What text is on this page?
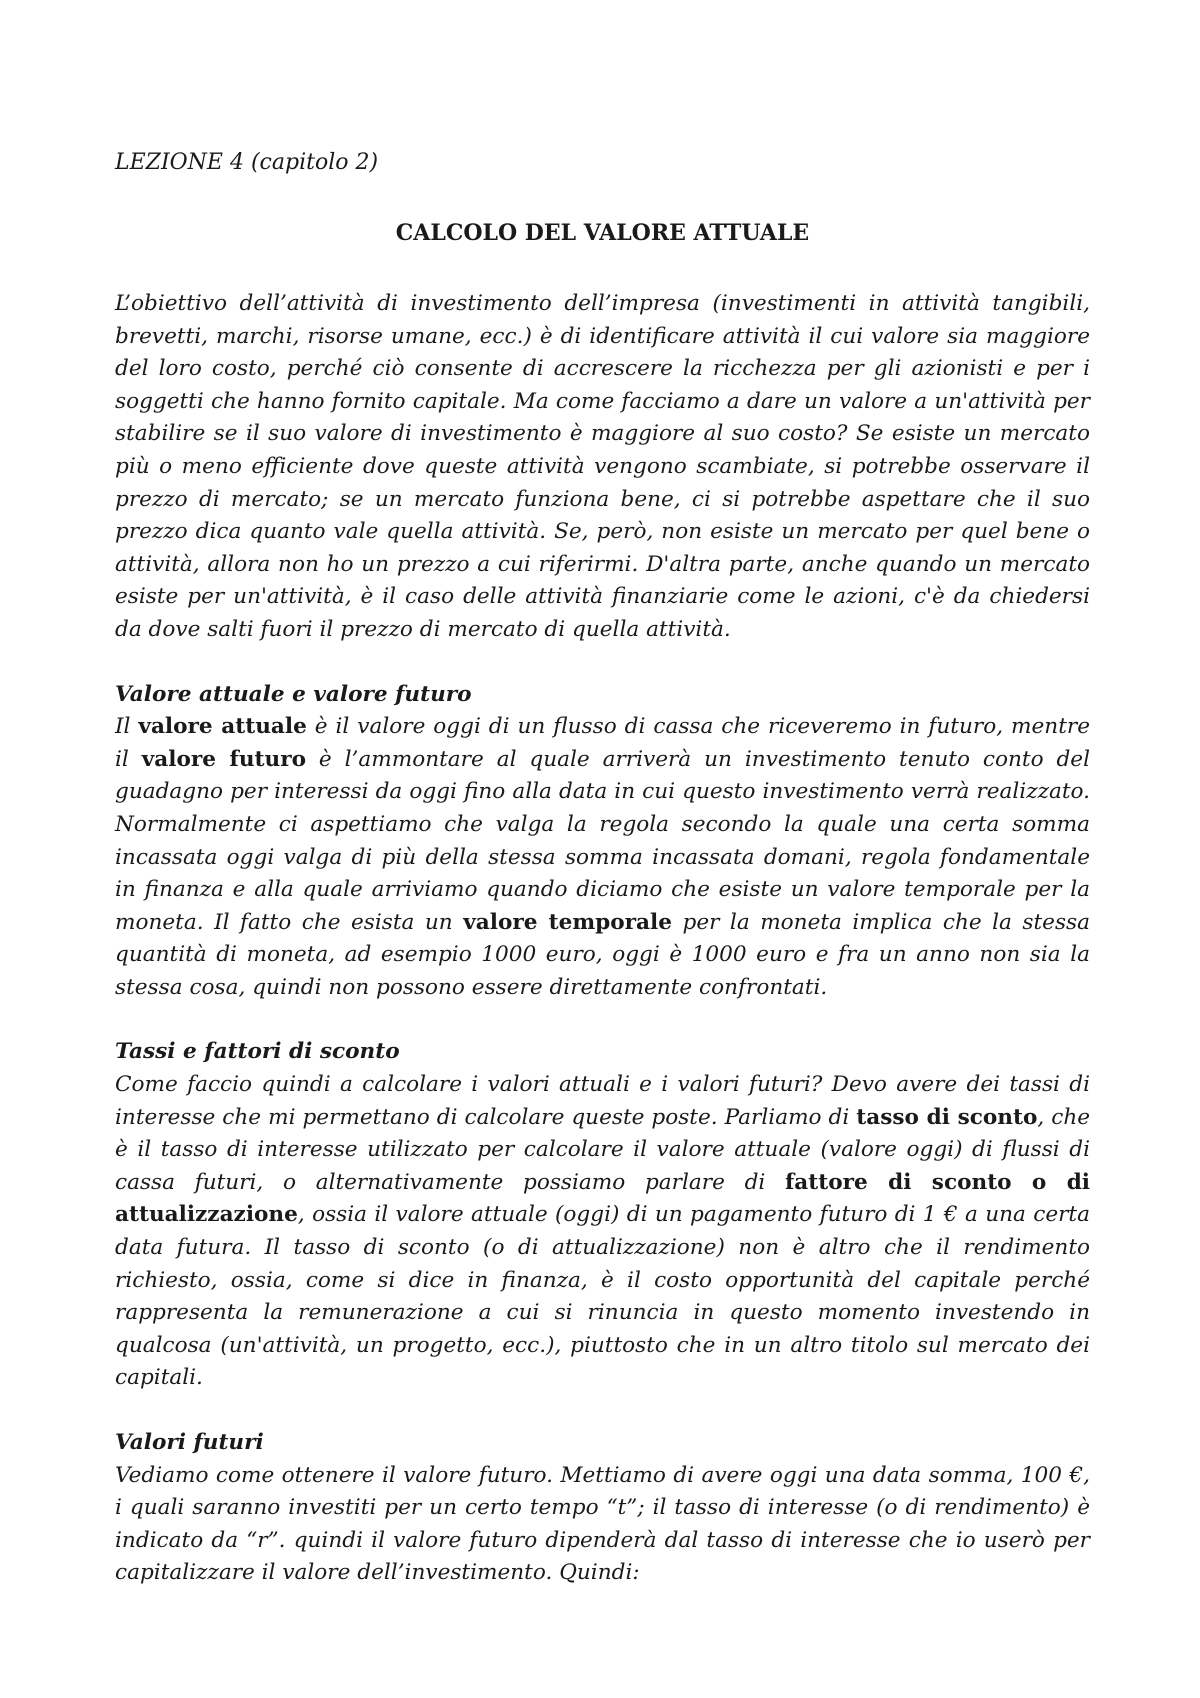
LEZIONE 4 (capitolo 2)

CALCOLO DEL VALORE ATTUALE

L’obiettivo dell’attività di investimento dell’impresa (investimenti in attività tangibili, brevetti, marchi, risorse umane, ecc.) è di identificare attività il cui valore sia maggiore del loro costo, perché ciò consente di accrescere la ricchezza per gli azionisti e per i soggetti che hanno fornito capitale. Ma come facciamo a dare un valore a un'attività per stabilire se il suo valore di investimento è maggiore al suo costo? Se esiste un mercato più o meno efficiente dove queste attività vengono scambiate, si potrebbe osservare il prezzo di mercato; se un mercato funziona bene, ci si potrebbe aspettare che il suo prezzo dica quanto vale quella attività. Se, però, non esiste un mercato per quel bene o attività, allora non ho un prezzo a cui riferirmi. D'altra parte, anche quando un mercato esiste per un'attività, è il caso delle attività finanziarie come le azioni, c'è da chiedersi da dove salti fuori il prezzo di mercato di quella attività.

Valore attuale e valore futuro

Il valore attuale è il valore oggi di un flusso di cassa che riceveremo in futuro, mentre il valore futuro è l’ammontare al quale arriverà un investimento tenuto conto del guadagno per interessi da oggi fino alla data in cui questo investimento verrà realizzato. Normalmente ci aspettiamo che valga la regola secondo la quale una certa somma incassata oggi valga di più della stessa somma incassata domani, regola fondamentale in finanza e alla quale arriviamo quando diciamo che esiste un valore temporale per la moneta. Il fatto che esista un valore temporale per la moneta implica che la stessa quantità di moneta, ad esempio 1000 euro, oggi è 1000 euro e fra un anno non sia la stessa cosa, quindi non possono essere direttamente confrontati.

Tassi e fattori di sconto

Come faccio quindi a calcolare i valori attuali e i valori futuri? Devo avere dei tassi di interesse che mi permettano di calcolare queste poste. Parliamo di tasso di sconto, che è il tasso di interesse utilizzato per calcolare il valore attuale (valore oggi) di flussi di cassa futuri, o alternativamente possiamo parlare di fattore di sconto o di attualizzazione, ossia il valore attuale (oggi) di un pagamento futuro di 1 € a una certa data futura. Il tasso di sconto (o di attualizzazione) non è altro che il rendimento richiesto, ossia, come si dice in finanza, è il costo opportunità del capitale perché rappresenta la remunerazione a cui si rinuncia in questo momento investendo in qualcosa (un'attività, un progetto, ecc.), piuttosto che in un altro titolo sul mercato dei capitali.

Valori futuri

Vediamo come ottenere il valore futuro. Mettiamo di avere oggi una data somma, 100 €, i quali saranno investiti per un certo tempo “t”; il tasso di interesse (o di rendimento) è indicato da “r”. quindi il valore futuro dipenderà dal tasso di interesse che io userò per capitalizzare il valore dell’investimento. Quindi:
